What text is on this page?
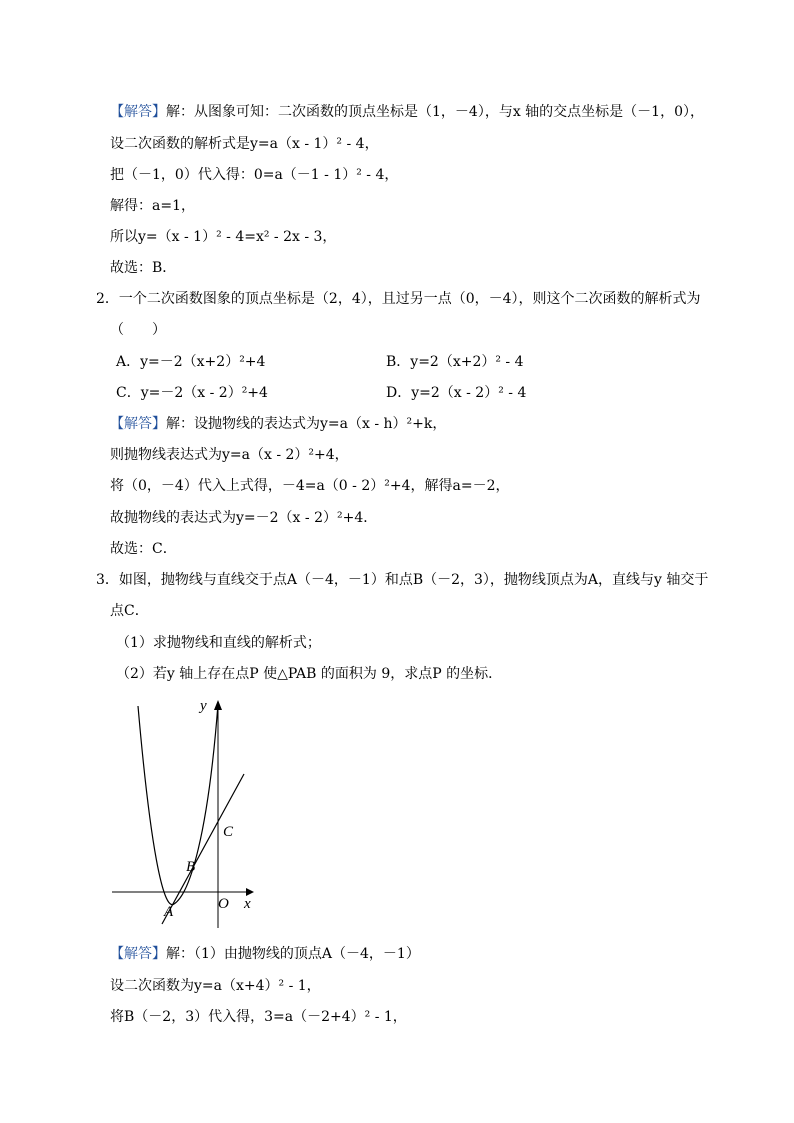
【解答】解：从图象可知：二次函数的顶点坐标是（1，－4），与x 轴的交点坐标是（－1，0），
设二次函数的解析式是y=a（x - 1）² - 4，
把（－1，0）代入得：0=a（－1 - 1）² - 4，
解得：a=1，
所以y=（x - 1）² - 4=x² - 2x - 3，
故选：B．
2．一个二次函数图象的顶点坐标是（2，4），且过另一点（0，－4），则这个二次函数的解析式为
（　　）
A．y=－2（x+2）²+4	B．y=2（x+2）² - 4
C．y=－2（x - 2）²+4	D．y=2（x - 2）² - 4
【解答】解：设抛物线的表达式为y=a（x - h）²+k，
则抛物线表达式为y=a（x - 2）²+4，
将（0，－4）代入上式得，－4=a（0 - 2）²+4，解得a=－2，
故抛物线的表达式为y=－2（x - 2）²+4．
故选：C．
3．如图，抛物线与直线交于点A（－4，－1）和点B（－2，3），抛物线顶点为A，直线与y 轴交于
点C．
（1）求抛物线和直线的解析式；
（2）若y 轴上存在点P 使△PAB 的面积为 9，求点P 的坐标．
y
x
O
A
B
C
【解答】解：（1）由抛物线的顶点A（－4，－1）
设二次函数为y=a（x+4）² - 1，
将B（－2，3）代入得，3=a（－2+4）² - 1，
